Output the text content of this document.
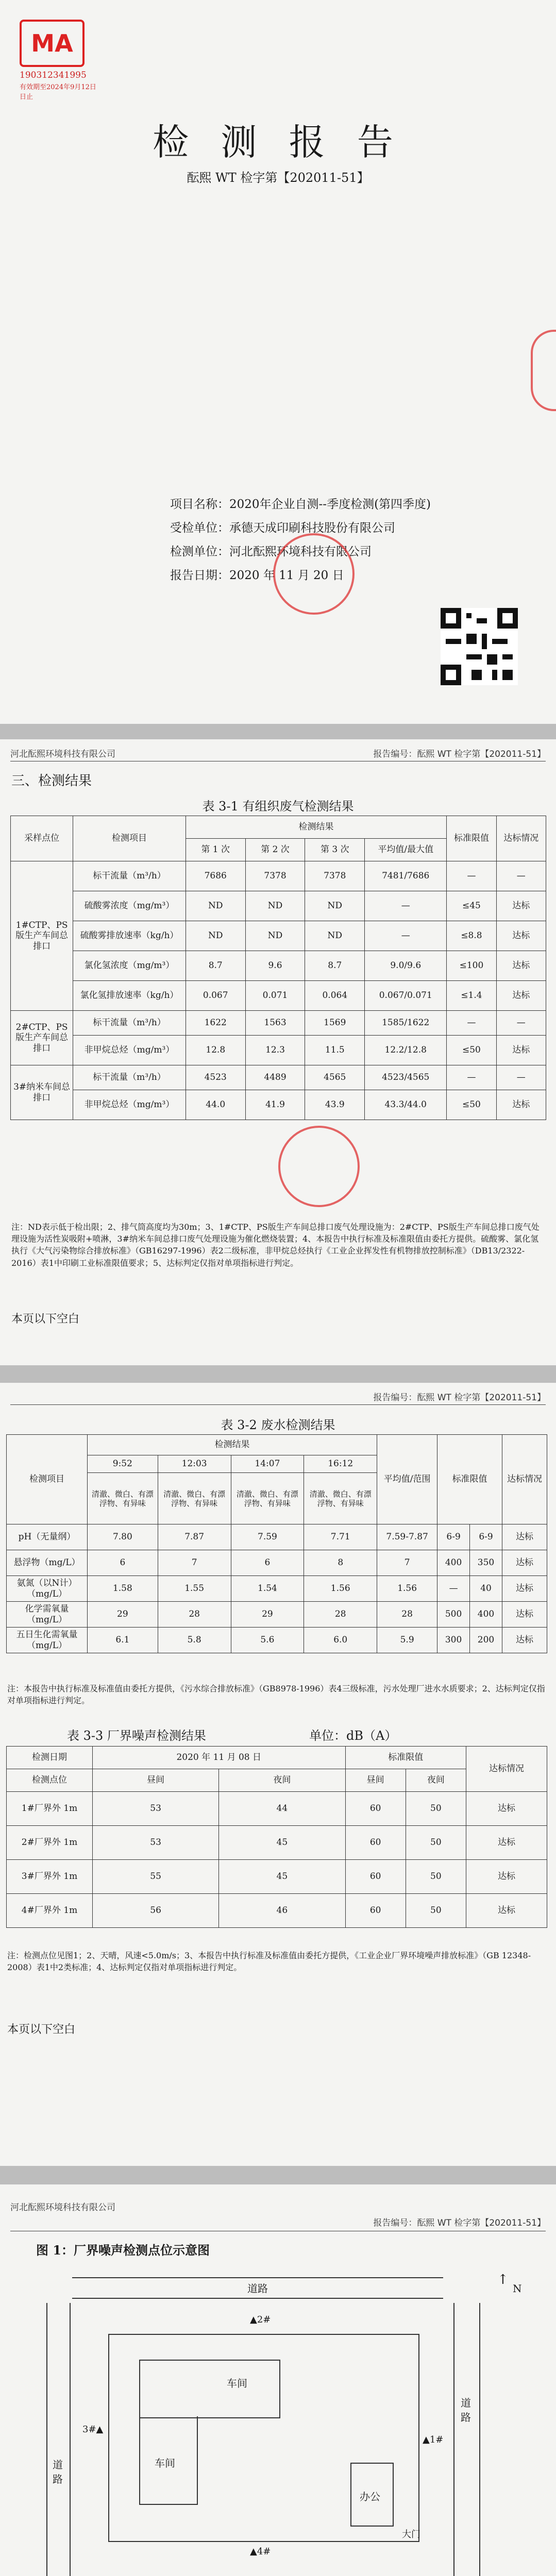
MA
190312341995
有效期至2024年9月12日日止
检 测 报 告
酝熙 WT 检字第【202011-51】
项目名称：2020年企业自测--季度检测(第四季度)
受检单位：承德天成印刷科技股份有限公司
检测单位：河北酝熙环境科技有限公司
报告日期：2020 年 11 月 20 日
河北酝熙环境科技有限公司	报告编号：酝熙 WT 检字第【202011-51】
三、检测结果
表 3-1 有组织废气检测结果
采样点位	检测项目	检测结果				标准限值	达标情况
		第 1 次	第 2 次	第 3 次	平均值/最大值		
1#CTP、PS版生产车间总排口	标干流量（m³/h）	7686	7378	7378	7481/7686	—	—
	硫酸雾浓度（mg/m³）	ND	ND	ND	—	≤45	达标
	硫酸雾排放速率（kg/h）	ND	ND	ND	—	≤8.8	达标
	氯化氢浓度（mg/m³）	8.7	9.6	8.7	9.0/9.6	≤100	达标
	氯化氢排放速率（kg/h）	0.067	0.071	0.064	0.067/0.071	≤1.4	达标
2#CTP、PS版生产车间总排口	标干流量（m³/h）	1622	1563	1569	1585/1622	—	—
	非甲烷总烃（mg/m³）	12.8	12.3	11.5	12.2/12.8	≤50	达标
3#纳米车间总排口	标干流量（m³/h）	4523	4489	4565	4523/4565	—	—
	非甲烷总烃（mg/m³）	44.0	41.9	43.9	43.3/44.0	≤50	达标
注：ND表示低于检出限；2、排气筒高度均为30m；3、1#CTP、PS版生产车间总排口废气处理设施为：2#CTP、PS版生产车间总排口废气处理设施为活性炭吸附+喷淋，3#纳米车间总排口废气处理设施为催化燃烧装置；4、本报告中执行标准及标准限值由委托方提供。硫酸雾、氯化氢执行《大气污染物综合排放标准》（GB16297-1996）表2二级标准，非甲烷总烃执行《工业企业挥发性有机物排放控制标准》（DB13/2322-2016）表1中印刷工业标准限值要求；5、达标判定仅指对单项指标进行判定。
本页以下空白
报告编号：酝熙 WT 检字第【202011-51】
表 3-2 废水检测结果
检测项目	检测结果				平均值/范围	标准限值		达标情况
	9:52	12:03	14:07	16:12				
	清澈、微白、有漂浮物、有异味	清澈、微白、有漂浮物、有异味	清澈、微白、有漂浮物、有异味	清澈、微白、有漂浮物、有异味				
pH（无量纲）	7.80	7.87	7.59	7.71	7.59-7.87	6-9	6-9	达标
悬浮物（mg/L）	6	7	6	8	7	400	350	达标
氨氮（以N计）（mg/L）	1.58	1.55	1.54	1.56	1.56	—	40	达标
化学需氧量（mg/L）	29	28	29	28	28	500	400	达标
五日生化需氧量（mg/L）	6.1	5.8	5.6	6.0	5.9	300	200	达标
注：本报告中执行标准及标准值由委托方提供，《污水综合排放标准》（GB8978-1996）表4三级标准，污水处理厂进水水质要求；2、达标判定仅指对单项指标进行判定。
表 3-3 厂界噪声检测结果	单位：dB（A）
检测日期	2020 年 11 月 08 日		标准限值		达标情况
检测点位	昼间	夜间	昼间	夜间	
1#厂界外 1m	53	44	60	50	达标
2#厂界外 1m	53	45	60	50	达标
3#厂界外 1m	55	45	60	50	达标
4#厂界外 1m	56	46	60	50	达标
注：检测点位见图1；2、天晴，风速<5.0m/s；3、本报告中执行标准及标准值由委托方提供，《工业企业厂界环境噪声排放标准》（GB 12348-2008）表1中2类标准；4、达标判定仅指对单项指标进行判定。
本页以下空白
河北酝熙环境科技有限公司
报告编号：酝熙 WT 检字第【202011-51】
图 1：厂界噪声检测点位示意图
道路
道路
道路
↑
N
车间
车间
办公
大门
▲1#
▲2#
3#▲
▲4#
